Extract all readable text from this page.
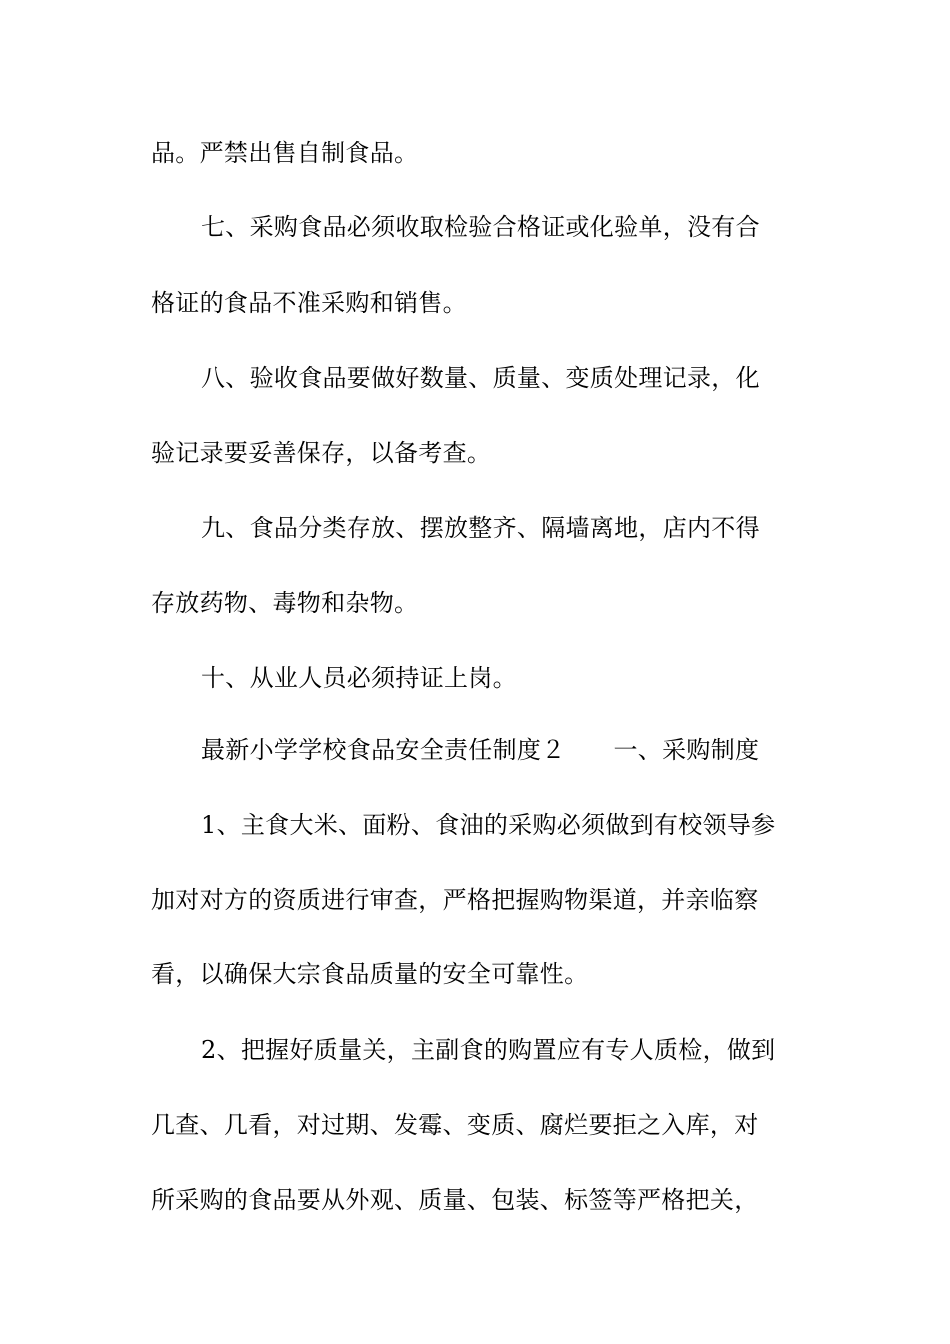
品。严禁出售自制食品。
七、采购食品必须收取检验合格证或化验单，没有合
格证的食品不准采购和销售。
八、验收食品要做好数量、质量、变质处理记录，化
验记录要妥善保存，以备考查。
九、食品分类存放、摆放整齐、隔墙离地，店内不得
存放药物、毒物和杂物。
十、从业人员必须持证上岗。
最新小学学校食品安全责任制度２ 一、采购制度
1、主食大米、面粉、食油的采购必须做到有校领导参
加对对方的资质进行审查，严格把握购物渠道，并亲临察
看，以确保大宗食品质量的安全可靠性。
2、把握好质量关，主副食的购置应有专人质检，做到
几查、几看，对过期、发霉、变质、腐烂要拒之入库，对
所采购的食品要从外观、质量、包装、标签等严格把关，
